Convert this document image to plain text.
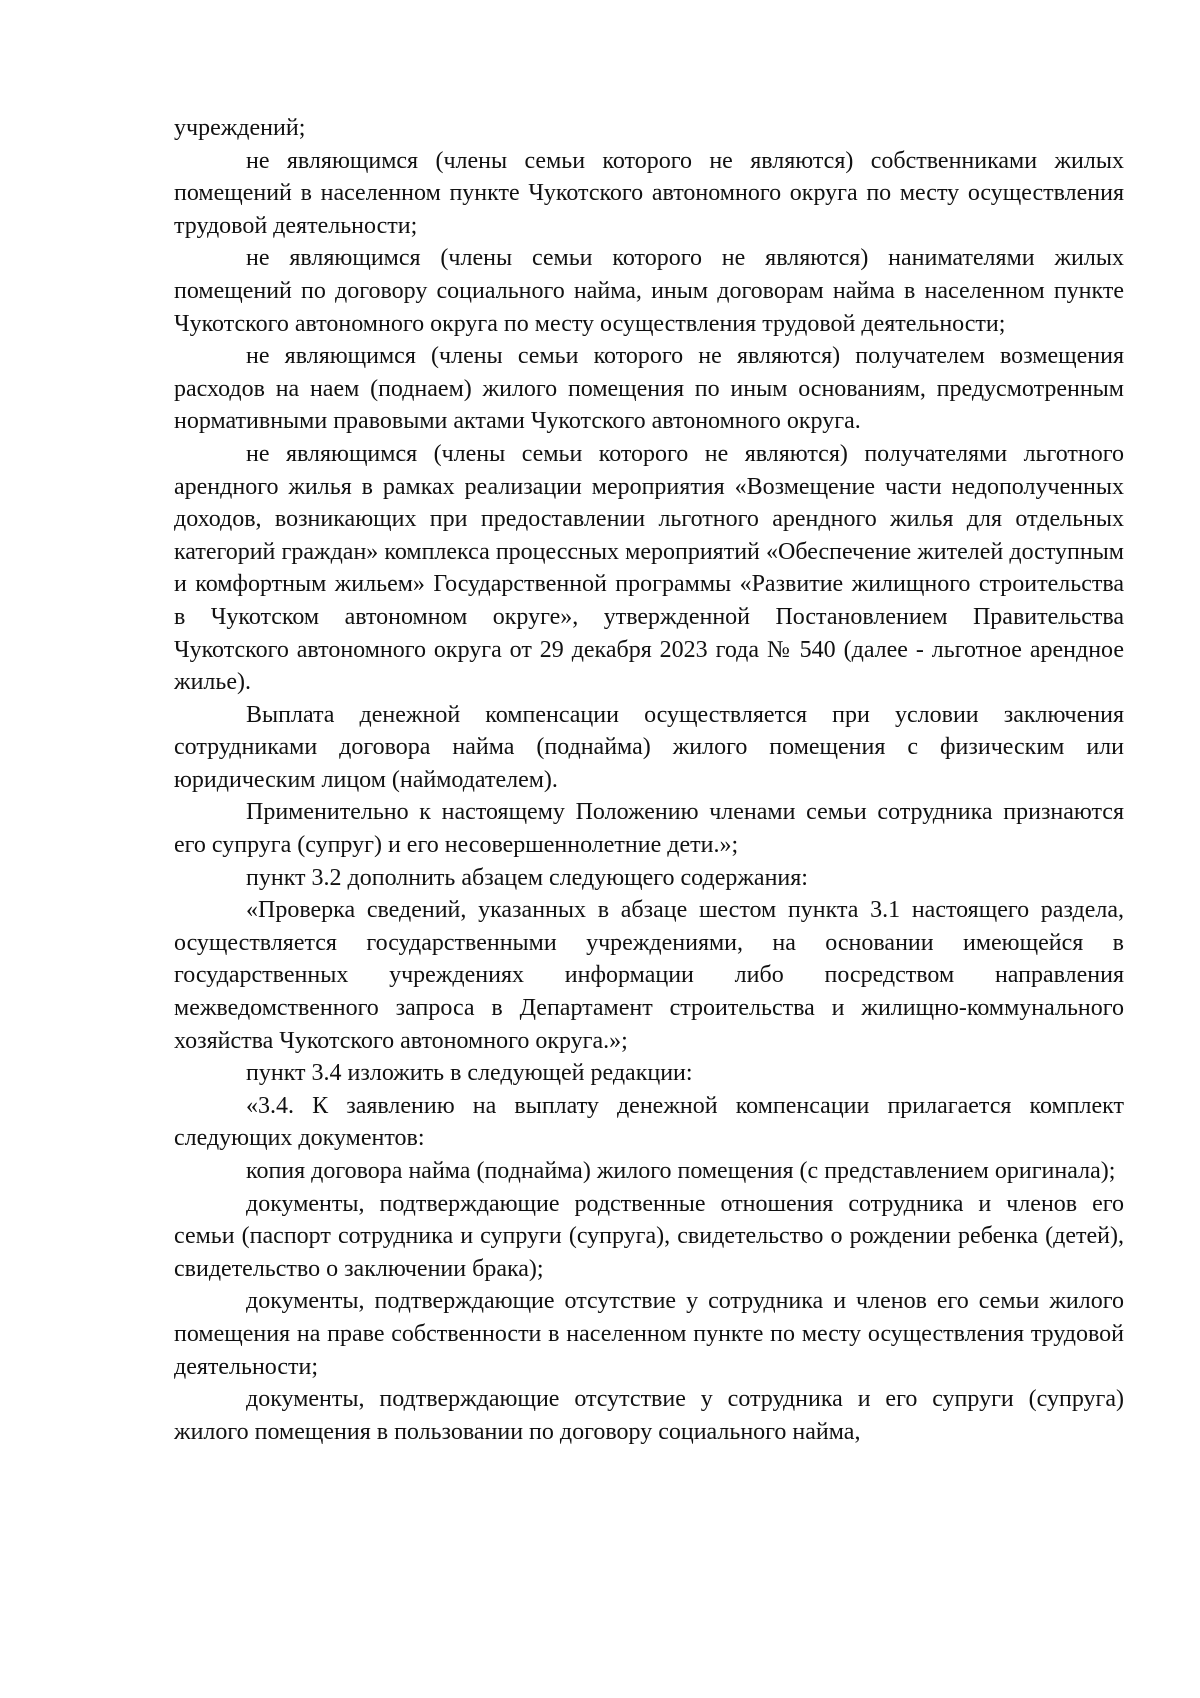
учреждений;

не являющимся (члены семьи которого не являются) собственниками жилых помещений в населенном пункте Чукотского автономного округа по месту осуществления трудовой деятельности;

не являющимся (члены семьи которого не являются) нанимателями жилых помещений по договору социального найма, иным договорам найма в населенном пункте Чукотского автономного округа по месту осуществления трудовой деятельности;

не являющимся (члены семьи которого не являются) получателем возмещения расходов на наем (поднаем) жилого помещения по иным основаниям, предусмотренным нормативными правовыми актами Чукотского автономного округа.

не являющимся (члены семьи которого не являются) получателями льготного арендного жилья в рамках реализации мероприятия «Возмещение части недополученных доходов, возникающих при предоставлении льготного арендного жилья для отдельных категорий граждан» комплекса процессных мероприятий «Обеспечение жителей доступным и комфортным жильем» Государственной программы «Развитие жилищного строительства в Чукотском автономном округе», утвержденной Постановлением Правительства Чукотского автономного округа от 29 декабря 2023 года № 540 (далее - льготное арендное жилье).

Выплата денежной компенсации осуществляется при условии заключения сотрудниками договора найма (поднайма) жилого помещения с физическим или юридическим лицом (наймодателем).

Применительно к настоящему Положению членами семьи сотрудника признаются его супруга (супруг) и его несовершеннолетние дети.»;

пункт 3.2 дополнить абзацем следующего содержания:

«Проверка сведений, указанных в абзаце шестом пункта 3.1 настоящего раздела, осуществляется государственными учреждениями, на основании имеющейся в государственных учреждениях информации либо посредством направления межведомственного запроса в Департамент строительства и жилищно-коммунального хозяйства Чукотского автономного округа.»;

пункт 3.4 изложить в следующей редакции:

«3.4. К заявлению на выплату денежной компенсации прилагается комплект следующих документов:

копия договора найма (поднайма) жилого помещения (с представлением оригинала);

документы, подтверждающие родственные отношения сотрудника и членов его семьи (паспорт сотрудника и супруги (супруга), свидетельство о рождении ребенка (детей), свидетельство о заключении брака);

документы, подтверждающие отсутствие у сотрудника и членов его семьи жилого помещения на праве собственности в населенном пункте по месту осуществления трудовой деятельности;

документы, подтверждающие отсутствие у сотрудника и его супруги (супруга) жилого помещения в пользовании по договору социального найма,
